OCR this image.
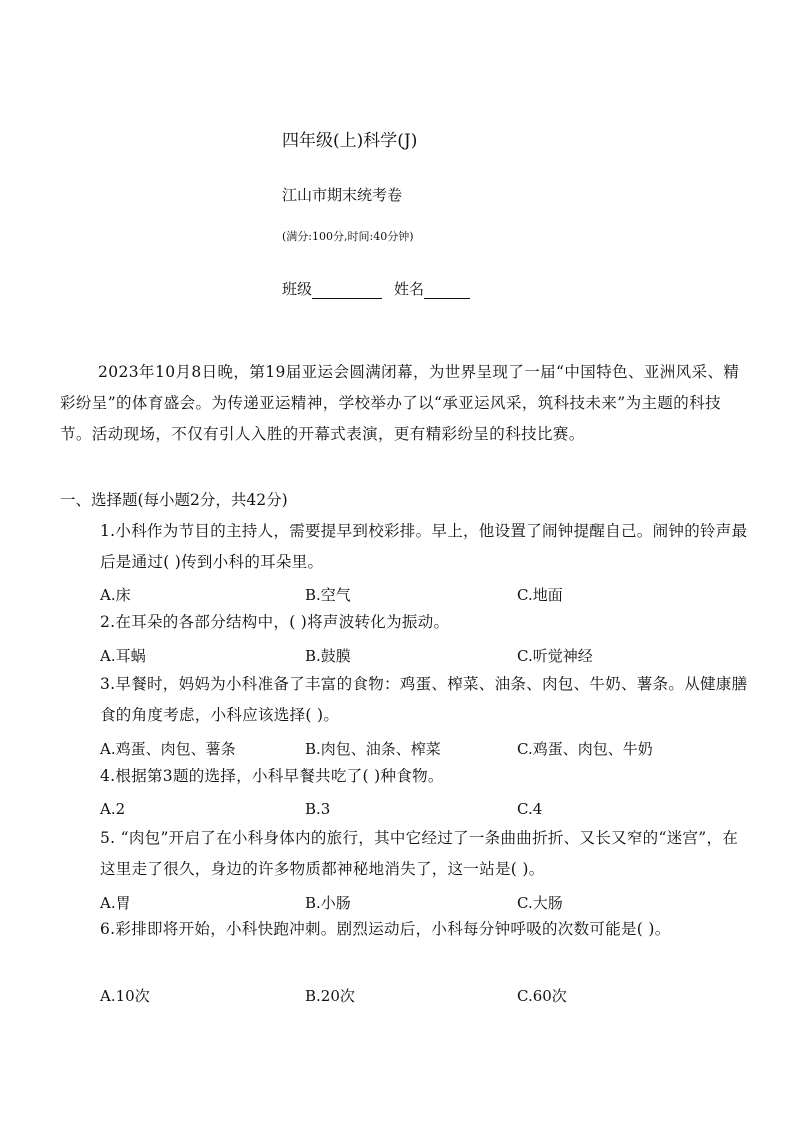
四年级(上)科学(J)
江山市期末统考卷
(满分:100分,时间:40分钟)
班级	姓名
2023年10月8日晚，第19届亚运会圆满闭幕，为世界呈现了一届“中国特色、亚洲风采、精彩纷呈”的体育盛会。为传递亚运精神，学校举办了以“承亚运风采，筑科技未来”为主题的科技节。活动现场，不仅有引人入胜的开幕式表演，更有精彩纷呈的科技比赛。
一、选择题(每小题2分，共42分)
1.小科作为节目的主持人，需要提早到校彩排。早上，他设置了闹钟提醒自己。闹钟的铃声最后是通过( )传到小科的耳朵里。
A.床	B.空气	C.地面
2.在耳朵的各部分结构中，( )将声波转化为振动。
A.耳蜗	B.鼓膜	C.听觉神经
3.早餐时，妈妈为小科准备了丰富的食物：鸡蛋、榨菜、油条、肉包、牛奶、薯条。从健康膳食的角度考虑，小科应该选择( )。
A.鸡蛋、肉包、薯条	B.肉包、油条、榨菜	C.鸡蛋、肉包、牛奶
4.根据第3题的选择，小科早餐共吃了( )种食物。
A.2	B.3	C.4
5. “肉包”开启了在小科身体内的旅行，其中它经过了一条曲曲折折、又长又窄的“迷宫”，在这里走了很久，身边的许多物质都神秘地消失了，这一站是( )。
A.胃	B.小肠	C.大肠
6.彩排即将开始，小科快跑冲刺。剧烈运动后，小科每分钟呼吸的次数可能是( )。
A.10次	B.20次	C.60次
